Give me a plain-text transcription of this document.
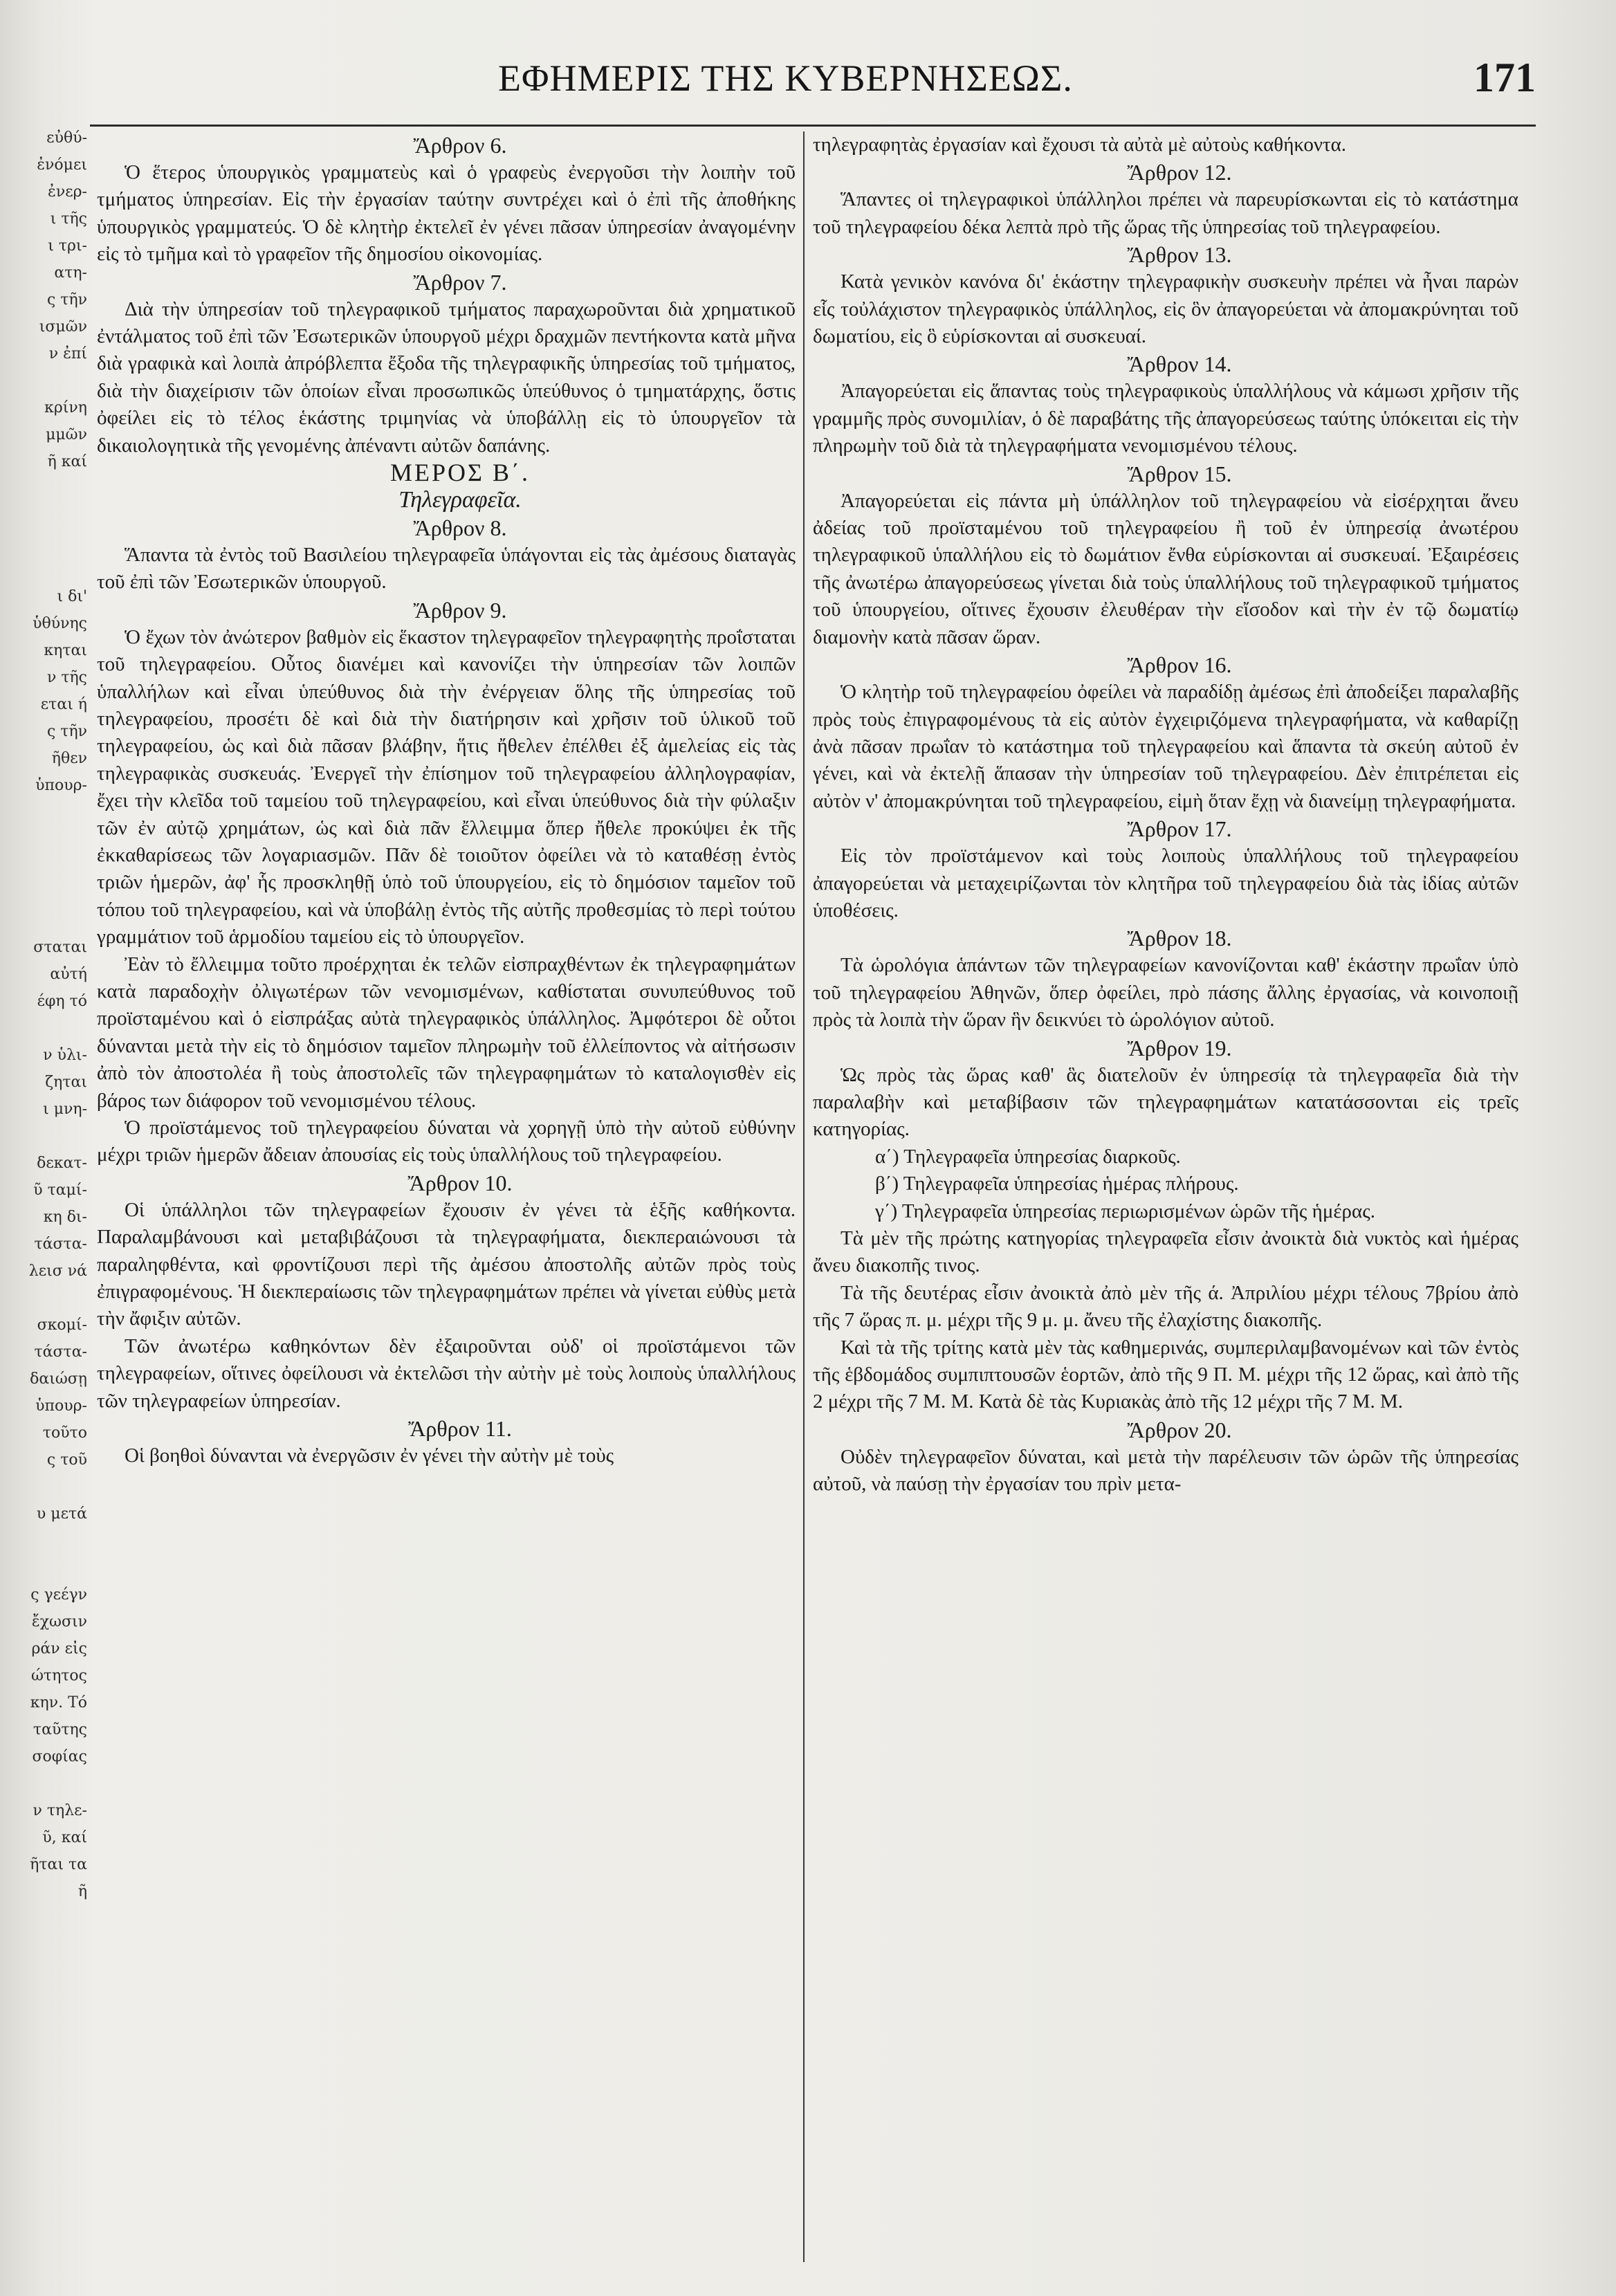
εὐθύ-
ἐνόμει
ἐνερ-
ι τῆς
ι τρι-
ατη-
ς τῆν
ισμῶν
ν ἐπί

κρίνη
μμῶν
ῆ καί

ι δι'
ὑθύνης
κηται
ν τῆς
εται ή
ς τῆν
ῆθεν
ὑπουρ-

σταται
αὐτή
έφη τό

ν ὑλι-
ζηται
ι μνη-

δεκατ-
ῦ ταμί-
κη δι-
τάστα-
λεισ νά

σκομί-
τάστα-
δαιώσῃ
ὑπουρ-
τοῦτο
ς τοῦ

υ μετά

ς γεέγν
ἔχωσιν
ράν εἰς
ώτητος
κην. Τό
ταῦτης
σοφίας

ν τηλε-
ῦ, καί
ῆται τα
ῆ
ΕΦΗΜΕΡΙΣ ΤΗΣ ΚΥΒΕΡΝΗΣΕΩΣ.	171

Ἄρθρον 6.

Ὁ ἕτερος ὑπουργικὸς γραμματεὺς καὶ ὁ γραφεὺς ἐνεργοῦσι τὴν λοιπὴν τοῦ τμήματος ὑπηρεσίαν. Εἰς τὴν ἐργασίαν ταύτην συντρέχει καὶ ὁ ἐπὶ τῆς ἀποθήκης ὑπουργικὸς γραμματεύς. Ὁ δὲ κλητὴρ ἐκτελεῖ ἐν γένει πᾶσαν ὑπηρεσίαν ἀναγομένην εἰς τὸ τμῆμα καὶ τὸ γραφεῖον τῆς δημοσίου οἰκονομίας.

Ἄρθρον 7.

Διὰ τὴν ὑπηρεσίαν τοῦ τηλεγραφικοῦ τμήματος παραχωροῦνται διὰ χρηματικοῦ ἐντάλματος τοῦ ἐπὶ τῶν Ἐσωτερικῶν ὑπουργοῦ μέχρι δραχμῶν πεντήκοντα κατὰ μῆνα διὰ γραφικὰ καὶ λοιπὰ ἀπρόβλεπτα ἔξοδα τῆς τηλεγραφικῆς ὑπηρεσίας τοῦ τμήματος, διὰ τὴν διαχείρισιν τῶν ὁποίων εἶναι προσωπικῶς ὑπεύθυνος ὁ τμηματάρχης, ὅστις ὀφείλει εἰς τὸ τέλος ἑκάστης τριμηνίας νὰ ὑποβάλλῃ εἰς τὸ ὑπουργεῖον τὰ δικαιολογητικὰ τῆς γενομένης ἀπέναντι αὐτῶν δαπάνης.

ΜΕΡΟΣ Β΄.

Τηλεγραφεῖα.

Ἄρθρον 8.

Ἅπαντα τὰ ἐντὸς τοῦ Βασιλείου τηλεγραφεῖα ὑπάγονται εἰς τὰς ἀμέσους διαταγὰς τοῦ ἐπὶ τῶν Ἐσωτερικῶν ὑπουργοῦ.

Ἄρθρον 9.

Ὁ ἔχων τὸν ἀνώτερον βαθμὸν εἰς ἕκαστον τηλεγραφεῖον τηλεγραφητὴς προΐσταται τοῦ τηλεγραφείου. Οὗτος διανέμει καὶ κανονίζει τὴν ὑπηρεσίαν τῶν λοιπῶν ὑπαλλήλων καὶ εἶναι ὑπεύθυνος διὰ τὴν ἐνέργειαν ὅλης τῆς ὑπηρεσίας τοῦ τηλεγραφείου, προσέτι δὲ καὶ διὰ τὴν διατήρησιν καὶ χρῆσιν τοῦ ὑλικοῦ τοῦ τηλεγραφείου, ὡς καὶ διὰ πᾶσαν βλάβην, ἥτις ἤθελεν ἐπέλθει ἐξ ἀμελείας εἰς τὰς τηλεγραφικὰς συσκευάς. Ἐνεργεῖ τὴν ἐπίσημον τοῦ τηλεγραφείου ἀλληλογραφίαν, ἔχει τὴν κλεῖδα τοῦ ταμείου τοῦ τηλεγραφείου, καὶ εἶναι ὑπεύθυνος διὰ τὴν φύλαξιν τῶν ἐν αὐτῷ χρημάτων, ὡς καὶ διὰ πᾶν ἔλλειμμα ὅπερ ἤθελε προκύψει ἐκ τῆς ἐκκαθαρίσεως τῶν λογαριασμῶν. Πᾶν δὲ τοιοῦτον ὀφείλει νὰ τὸ καταθέσῃ ἐντὸς τριῶν ἡμερῶν, ἀφ' ἧς προσκληθῇ ὑπὸ τοῦ ὑπουργείου, εἰς τὸ δημόσιον ταμεῖον τοῦ τόπου τοῦ τηλεγραφείου, καὶ νὰ ὑποβάλῃ ἐντὸς τῆς αὐτῆς προθεσμίας τὸ περὶ τούτου γραμμάτιον τοῦ ἁρμοδίου ταμείου εἰς τὸ ὑπουργεῖον.

Ἐὰν τὸ ἔλλειμμα τοῦτο προέρχηται ἐκ τελῶν εἰσπραχθέντων ἐκ τηλεγραφημάτων κατὰ παραδοχὴν ὀλιγωτέρων τῶν νενομισμένων, καθίσταται συνυπεύθυνος τοῦ προϊσταμένου καὶ ὁ εἰσπράξας αὐτὰ τηλεγραφικὸς ὑπάλληλος. Ἀμφότεροι δὲ οὗτοι δύνανται μετὰ τὴν εἰς τὸ δημόσιον ταμεῖον πληρωμὴν τοῦ ἐλλείποντος νὰ αἰτήσωσιν ἀπὸ τὸν ἀποστολέα ἢ τοὺς ἀποστολεῖς τῶν τηλεγραφημάτων τὸ καταλογισθὲν εἰς βάρος των διάφορον τοῦ νενομισμένου τέλους.

Ὁ προϊστάμενος τοῦ τηλεγραφείου δύναται νὰ χορηγῇ ὑπὸ τὴν αὐτοῦ εὐθύνην μέχρι τριῶν ἡμερῶν ἄδειαν ἀπουσίας εἰς τοὺς ὑπαλλήλους τοῦ τηλεγραφείου.

Ἄρθρον 10.

Οἱ ὑπάλληλοι τῶν τηλεγραφείων ἔχουσιν ἐν γένει τὰ ἑξῆς καθήκοντα. Παραλαμβάνουσι καὶ μεταβιβάζουσι τὰ τηλεγραφήματα, διεκπεραιώνουσι τὰ παραληφθέντα, καὶ φροντίζουσι περὶ τῆς ἀμέσου ἀποστολῆς αὐτῶν πρὸς τοὺς ἐπιγραφομένους. Ἡ διεκπεραίωσις τῶν τηλεγραφημάτων πρέπει νὰ γίνεται εὐθὺς μετὰ τὴν ἄφιξιν αὐτῶν.

Τῶν ἀνωτέρω καθηκόντων δὲν ἐξαιροῦνται οὐδ' οἱ προϊστάμενοι τῶν τηλεγραφείων, οἵτινες ὀφείλουσι νὰ ἐκτελῶσι τὴν αὐτὴν μὲ τοὺς λοιποὺς ὑπαλλήλους τῶν τηλεγραφείων ὑπηρεσίαν.

Ἄρθρον 11.

Οἱ βοηθοὶ δύνανται νὰ ἐνεργῶσιν ἐν γένει τὴν αὐτὴν μὲ τοὺς

τηλεγραφητὰς ἐργασίαν καὶ ἔχουσι τὰ αὐτὰ μὲ αὐτοὺς καθήκοντα.

Ἄρθρον 12.

Ἅπαντες οἱ τηλεγραφικοὶ ὑπάλληλοι πρέπει νὰ παρευρίσκωνται εἰς τὸ κατάστημα τοῦ τηλεγραφείου δέκα λεπτὰ πρὸ τῆς ὥρας τῆς ὑπηρεσίας τοῦ τηλεγραφείου.

Ἄρθρον 13.

Κατὰ γενικὸν κανόνα δι' ἑκάστην τηλεγραφικὴν συσκευὴν πρέπει νὰ ἦναι παρὼν εἷς τοὐλάχιστον τηλεγραφικὸς ὑπάλληλος, εἰς ὃν ἀπαγορεύεται νὰ ἀπομακρύνηται τοῦ δωματίου, εἰς ὃ εὑρίσκονται αἱ συσκευαί.

Ἄρθρον 14.

Ἀπαγορεύεται εἰς ἅπαντας τοὺς τηλεγραφικοὺς ὑπαλλήλους νὰ κάμωσι χρῆσιν τῆς γραμμῆς πρὸς συνομιλίαν, ὁ δὲ παραβάτης τῆς ἀπαγορεύσεως ταύτης ὑπόκειται εἰς τὴν πληρωμὴν τοῦ διὰ τὰ τηλεγραφήματα νενομισμένου τέλους.

Ἄρθρον 15.

Ἀπαγορεύεται εἰς πάντα μὴ ὑπάλληλον τοῦ τηλεγραφείου νὰ εἰσέρχηται ἄνευ ἀδείας τοῦ προϊσταμένου τοῦ τηλεγραφείου ἢ τοῦ ἐν ὑπηρεσίᾳ ἀνωτέρου τηλεγραφικοῦ ὑπαλλήλου εἰς τὸ δωμάτιον ἔνθα εὑρίσκονται αἱ συσκευαί. Ἐξαιρέσεις τῆς ἀνωτέρω ἀπαγορεύσεως γίνεται διὰ τοὺς ὑπαλλήλους τοῦ τηλεγραφικοῦ τμήματος τοῦ ὑπουργείου, οἵτινες ἔχουσιν ἐλευθέραν τὴν εἴσοδον καὶ τὴν ἐν τῷ δωματίῳ διαμονὴν κατὰ πᾶσαν ὥραν.

Ἄρθρον 16.

Ὁ κλητὴρ τοῦ τηλεγραφείου ὀφείλει νὰ παραδίδῃ ἀμέσως ἐπὶ ἀποδείξει παραλαβῆς πρὸς τοὺς ἐπιγραφομένους τὰ εἰς αὐτὸν ἐγχειριζόμενα τηλεγραφήματα, νὰ καθαρίζῃ ἀνὰ πᾶσαν πρωΐαν τὸ κατάστημα τοῦ τηλεγραφείου καὶ ἅπαντα τὰ σκεύη αὐτοῦ ἐν γένει, καὶ νὰ ἐκτελῇ ἅπασαν τὴν ὑπηρεσίαν τοῦ τηλεγραφείου. Δὲν ἐπιτρέπεται εἰς αὐτὸν ν' ἀπομακρύνηται τοῦ τηλεγραφείου, εἰμὴ ὅταν ἔχῃ νὰ διανείμῃ τηλεγραφήματα.

Ἄρθρον 17.

Εἰς τὸν προϊστάμενον καὶ τοὺς λοιποὺς ὑπαλλήλους τοῦ τηλεγραφείου ἀπαγορεύεται νὰ μεταχειρίζωνται τὸν κλητῆρα τοῦ τηλεγραφείου διὰ τὰς ἰδίας αὐτῶν ὑποθέσεις.

Ἄρθρον 18.

Τὰ ὡρολόγια ἁπάντων τῶν τηλεγραφείων κανονίζονται καθ' ἑκάστην πρωΐαν ὑπὸ τοῦ τηλεγραφείου Ἀθηνῶν, ὅπερ ὀφείλει, πρὸ πάσης ἄλλης ἐργασίας, νὰ κοινοποιῇ πρὸς τὰ λοιπὰ τὴν ὥραν ἣν δεικνύει τὸ ὡρολόγιον αὐτοῦ.

Ἄρθρον 19.

Ὡς πρὸς τὰς ὥρας καθ' ἃς διατελοῦν ἐν ὑπηρεσίᾳ τὰ τηλεγραφεῖα διὰ τὴν παραλαβὴν καὶ μεταβίβασιν τῶν τηλεγραφημάτων κατατάσσονται εἰς τρεῖς κατηγορίας.

α΄) Τηλεγραφεῖα ὑπηρεσίας διαρκοῦς.

β΄) Τηλεγραφεῖα ὑπηρεσίας ἡμέρας πλήρους.

γ΄) Τηλεγραφεῖα ὑπηρεσίας περιωρισμένων ὡρῶν τῆς ἡμέρας.

Τὰ μὲν τῆς πρώτης κατηγορίας τηλεγραφεῖα εἶσιν ἀνοικτὰ διὰ νυκτὸς καὶ ἡμέρας ἄνευ διακοπῆς τινος.

Τὰ τῆς δευτέρας εἶσιν ἀνοικτὰ ἀπὸ μὲν τῆς ά. Ἀπριλίου μέχρι τέλους 7βρίου ἀπὸ τῆς 7 ὥρας π. μ. μέχρι τῆς 9 μ. μ. ἄνευ τῆς ἐλαχίστης διακοπῆς.

Καὶ τὰ τῆς τρίτης κατὰ μὲν τὰς καθημερινάς, συμπεριλαμβανομένων καὶ τῶν ἐντὸς τῆς ἑβδομάδος συμπιπτουσῶν ἑορτῶν, ἀπὸ τῆς 9 Π. Μ. μέχρι τῆς 12 ὥρας, καὶ ἀπὸ τῆς 2 μέχρι τῆς 7 Μ. Μ. Κατὰ δὲ τὰς Κυριακὰς ἀπὸ τῆς 12 μέχρι τῆς 7 Μ. Μ.

Ἄρθρον 20.

Οὐδὲν τηλεγραφεῖον δύναται, καὶ μετὰ τὴν παρέλευσιν τῶν ὡρῶν τῆς ὑπηρεσίας αὐτοῦ, νὰ παύσῃ τὴν ἐργασίαν του πρὶν μετα-
